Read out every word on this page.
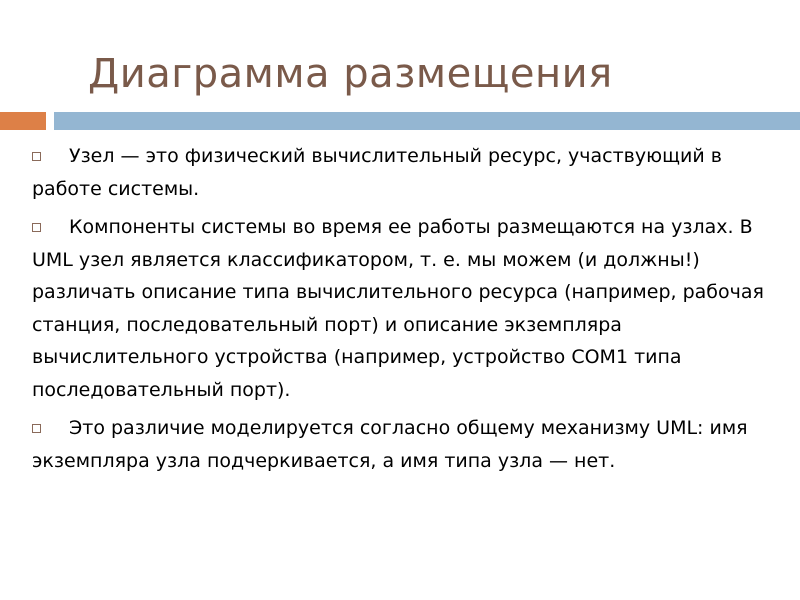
Диаграмма размещения

Узел — это физический вычислительный ресурс, участвующий в работе системы.

Компоненты системы во время ее работы размещаются на узлах. В UML узел является классификатором, т. е. мы можем (и должны!) различать описание типа вычислительного ресурса (например, рабочая станция, последовательный порт) и описание экземпляра вычислительного устройства (например, устройство СОМ1 типа последовательный порт).

Это различие моделируется согласно общему механизму UML: имя экземпляра узла подчеркивается, а имя типа узла — нет.
